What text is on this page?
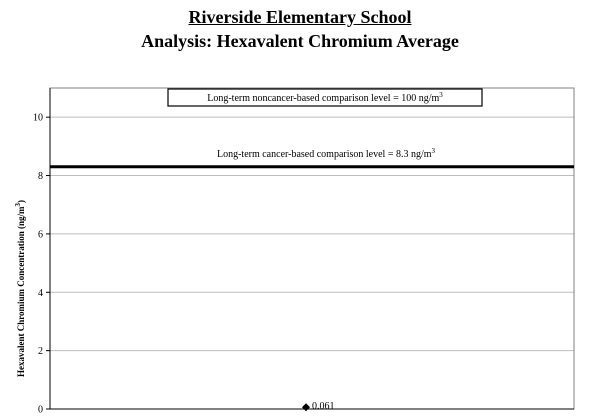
Riverside Elementary School
Analysis: Hexavalent Chromium Average
0
2
4
6
8
10
Hexavalent Chromium Concentration $(ng/m^3)$
Long-term noncancer-based comparison level = 100 $ng/m^3$
Long-term cancer-based comparison level = 8.3 $ng/m^3$
0.061
